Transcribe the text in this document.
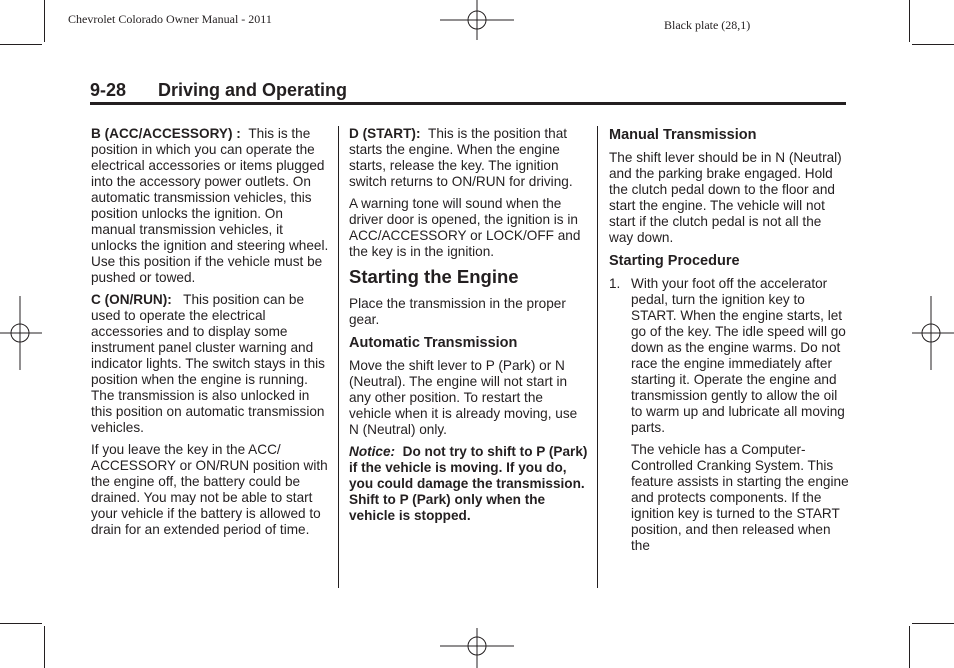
Chevrolet Colorado Owner Manual - 2011	Black plate (28,1)
9-28 Driving and Operating

B (ACC/ACCESSORY) : This is the position in which you can operate the electrical accessories or items plugged into the accessory power outlets. On automatic transmission vehicles, this position unlocks the ignition. On manual transmission vehicles, it unlocks the ignition and steering wheel. Use this position if the vehicle must be pushed or towed.

C (ON/RUN): This position can be used to operate the electrical accessories and to display some instrument panel cluster warning and indicator lights. The switch stays in this position when the engine is running. The transmission is also unlocked in this position on automatic transmission vehicles.

If you leave the key in the ACC/ ACCESSORY or ON/RUN position with the engine off, the battery could be drained. You may not be able to start your vehicle if the battery is allowed to drain for an extended period of time.

D (START): This is the position that starts the engine. When the engine starts, release the key. The ignition switch returns to ON/RUN for driving.

A warning tone will sound when the driver door is opened, the ignition is in ACC/ACCESSORY or LOCK/OFF and the key is in the ignition.

Starting the Engine

Place the transmission in the proper gear.

Automatic Transmission

Move the shift lever to P (Park) or N (Neutral). The engine will not start in any other position. To restart the vehicle when it is already moving, use N (Neutral) only.

Notice: Do not try to shift to P (Park) if the vehicle is moving. If you do, you could damage the transmission. Shift to P (Park) only when the vehicle is stopped.

Manual Transmission

The shift lever should be in N (Neutral) and the parking brake engaged. Hold the clutch pedal down to the floor and start the engine. The vehicle will not start if the clutch pedal is not all the way down.

Starting Procedure

1. With your foot off the accelerator pedal, turn the ignition key to START. When the engine starts, let go of the key. The idle speed will go down as the engine warms. Do not race the engine immediately after starting it. Operate the engine and transmission gently to allow the oil to warm up and lubricate all moving parts.

The vehicle has a Computer-Controlled Cranking System. This feature assists in starting the engine and protects components. If the ignition key is turned to the START position, and then released when the
